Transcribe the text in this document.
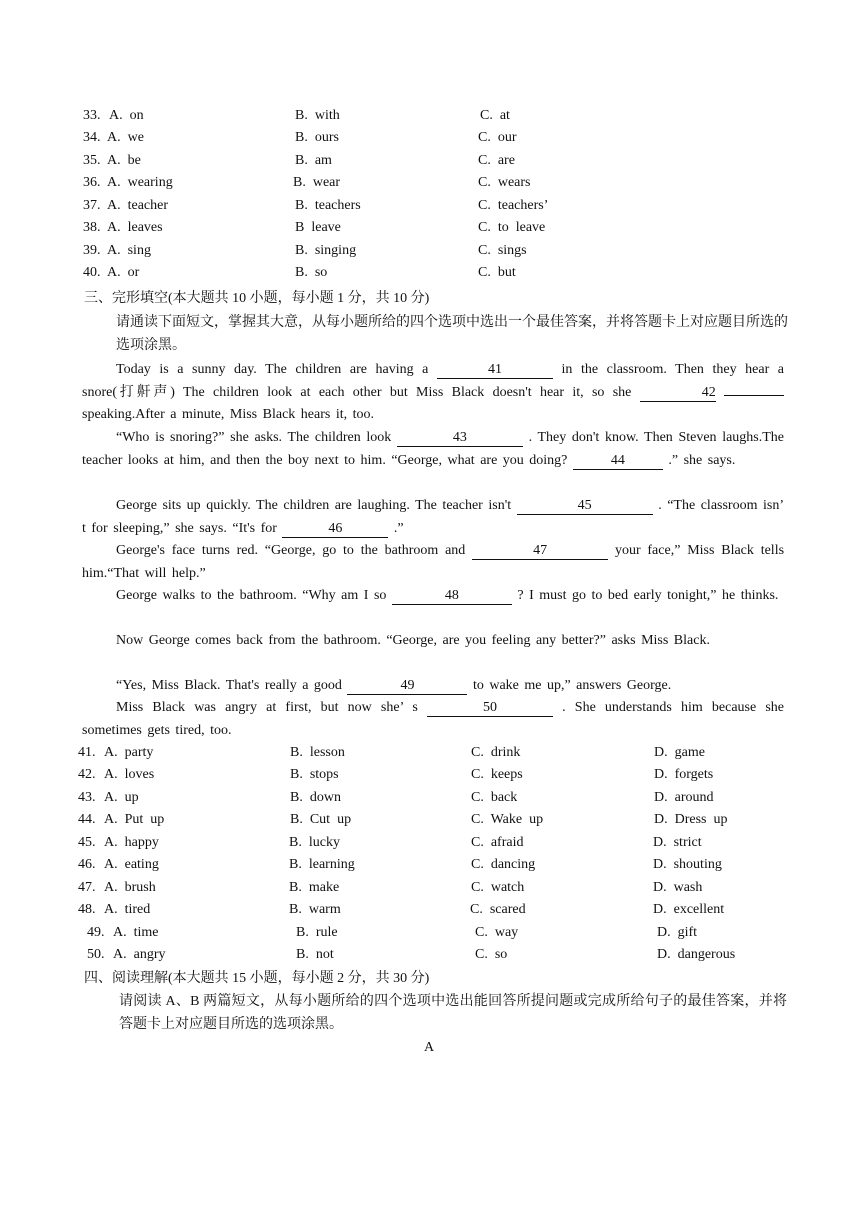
33. A.  on	B.  with	C.  at
34. A.  we	B.  ours	C.  our
35. A.  be	B.  am	C.  are
36. A.  wearing	B.  wear	C.  wears
37. A.  teacher	B.  teachers	C.  teachers’
38. A.  leaves	B  leave	C.  to  leave
39. A.  sing	B.  singing	C.  sings
40. A.  or	B.  so	C.  but
三、完形填空(本大题共 10 小题，每小题 1 分，共 10 分)
请通读下面短文，掌握其大意，从每小题所给的四个选项中选出一个最佳答案，并将答题卡上对应题目所选的选项涂黑。
Today is a sunny day. The children are having a	41	in the classroom. Then they hear a snore(打鼾声) The children look at each other but Miss Black doesn't hear it, so she	42  speaking.After a minute, Miss Black hears it, too.
“Who is snoring?” she asks. The children look	43	. They don't know. Then Steven laughs.The teacher looks at him, and then the boy next to him. “George, what are you doing?	44	.” she says.
George sits up quickly. The children are laughing. The teacher isn't	45	. “The classroom isn’ t for sleeping,” she says. “It's for	46	.”
George's face turns red. “George, go to the bathroom and	47	your face,” Miss Black tells him.“That will help.”
George walks to the bathroom. “Why am I so	48	? I must go to bed early tonight,” he thinks.
Now George comes back from the bathroom. “George, are you feeling any better?” asks Miss Black.
“Yes, Miss Black. That's really a good	49	to wake me up,” answers George.
Miss Black was angry at first, but now she’ s	50	. She understands him because she sometimes gets tired, too.
41. A.  party	B.  lesson	C.  drink	D.  game
42. A.  loves	B.  stops	C.  keeps	D.  forgets
43. A.  up	B.  down	C.  back	D.  around
44. A.  Put  up	B.  Cut  up	C.  Wake  up	D.  Dress  up
45. A.  happy	B.  lucky	C.  afraid	D.  strict
46. A.  eating	B.  learning	C.  dancing	D.  shouting
47. A.  brush	B.  make	C.  watch	D.  wash
48. A.  tired	B.  warm	C.  scared	D.  excellent
49. A.  time	B.  rule	C.  way	D.  gift
50. A.  angry	B.  not	C.  so	D.  dangerous
四、阅读理解(本大题共 15 小题，每小题 2 分，共 30 分)
请阅读 A、B 两篇短文，从每小题所给的四个选项中选出能回答所提问题或完成所给句子的最佳答案，并将答题卡上对应题目所选的选项涂黑。
A
